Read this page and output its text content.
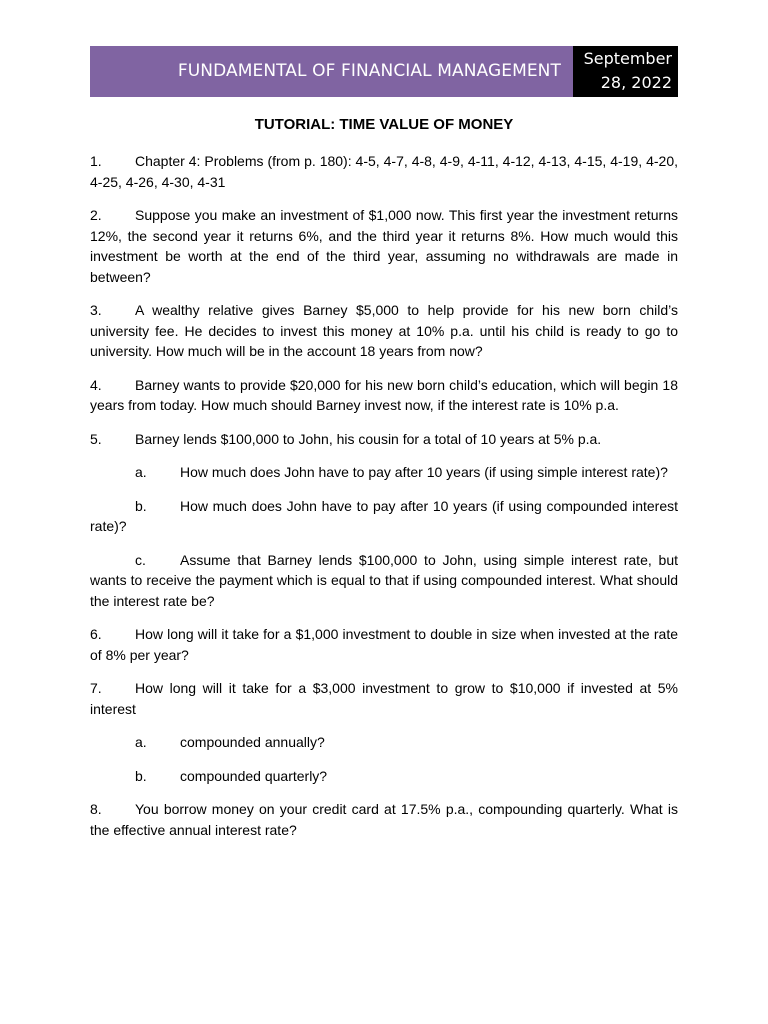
FUNDAMENTAL OF FINANCIAL MANAGEMENT
September
28, 2022
TUTORIAL: TIME VALUE OF MONEY

1. Chapter 4: Problems (from p. 180): 4-5, 4-7, 4-8, 4-9, 4-11, 4-12, 4-13, 4-15, 4-19, 4-20, 4-25, 4-26, 4-30, 4-31

2. Suppose you make an investment of $1,000 now. This first year the investment returns 12%, the second year it returns 6%, and the third year it returns 8%. How much would this investment be worth at the end of the third year, assuming no withdrawals are made in between?

3. A wealthy relative gives Barney $5,000 to help provide for his new born child’s university fee. He decides to invest this money at 10% p.a. until his child is ready to go to university. How much will be in the account 18 years from now?

4. Barney wants to provide $20,000 for his new born child’s education, which will begin 18 years from today. How much should Barney invest now, if the interest rate is 10% p.a.

5. Barney lends $100,000 to John, his cousin for a total of 10 years at 5% p.a.

a. How much does John have to pay after 10 years (if using simple interest rate)?

b. How much does John have to pay after 10 years (if using compounded interest rate)?

c. Assume that Barney lends $100,000 to John, using simple interest rate, but wants to receive the payment which is equal to that if using compounded interest. What should the interest rate be?

6. How long will it take for a $1,000 investment to double in size when invested at the rate of 8% per year?

7. How long will it take for a $3,000 investment to grow to $10,000 if invested at 5% interest

a. compounded annually?

b. compounded quarterly?

8. You borrow money on your credit card at 17.5% p.a., compounding quarterly. What is the effective annual interest rate?
